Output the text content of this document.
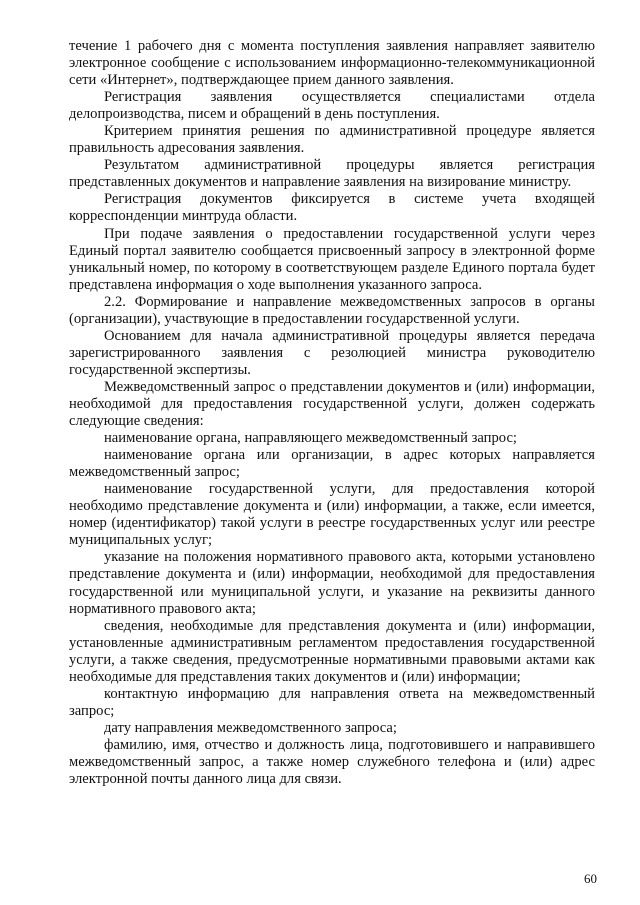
течение 1 рабочего дня с момента поступления заявления направляет заявителю электронное сообщение с использованием информационно-телекоммуникационной сети «Интернет», подтверждающее прием данного заявления.

Регистрация заявления осуществляется специалистами отдела делопроизводства, писем и обращений в день поступления.

Критерием принятия решения по административной процедуре является правильность адресования заявления.

Результатом административной процедуры является регистрация представленных документов и направление заявления на визирование министру.

Регистрация документов фиксируется в системе учета входящей корреспонденции минтруда области.

При подаче заявления о предоставлении государственной услуги через Единый портал заявителю сообщается присвоенный запросу в электронной форме уникальный номер, по которому в соответствующем разделе Единого портала будет представлена информация о ходе выполнения указанного запроса.

2.2. Формирование и направление межведомственных запросов в органы (организации), участвующие в предоставлении государственной услуги.

Основанием для начала административной процедуры является передача зарегистрированного заявления с резолюцией министра руководителю государственной экспертизы.

Межведомственный запрос о представлении документов и (или) информации, необходимой для предоставления государственной услуги, должен содержать следующие сведения:

наименование органа, направляющего межведомственный запрос;

наименование органа или организации, в адрес которых направляется межведомственный запрос;

наименование государственной услуги, для предоставления которой необходимо представление документа и (или) информации, а также, если имеется, номер (идентификатор) такой услуги в реестре государственных услуг или реестре муниципальных услуг;

указание на положения нормативного правового акта, которыми установлено представление документа и (или) информации, необходимой для предоставления государственной или муниципальной услуги, и указание на реквизиты данного нормативного правового акта;

сведения, необходимые для представления документа и (или) информации, установленные административным регламентом предоставления государственной услуги, а также сведения, предусмотренные нормативными правовыми актами как необходимые для представления таких документов и (или) информации;

контактную информацию для направления ответа на межведомственный запрос;

дату направления межведомственного запроса;

фамилию, имя, отчество и должность лица, подготовившего и направившего межведомственный запрос, а также номер служебного телефона и (или) адрес электронной почты данного лица для связи.

60
